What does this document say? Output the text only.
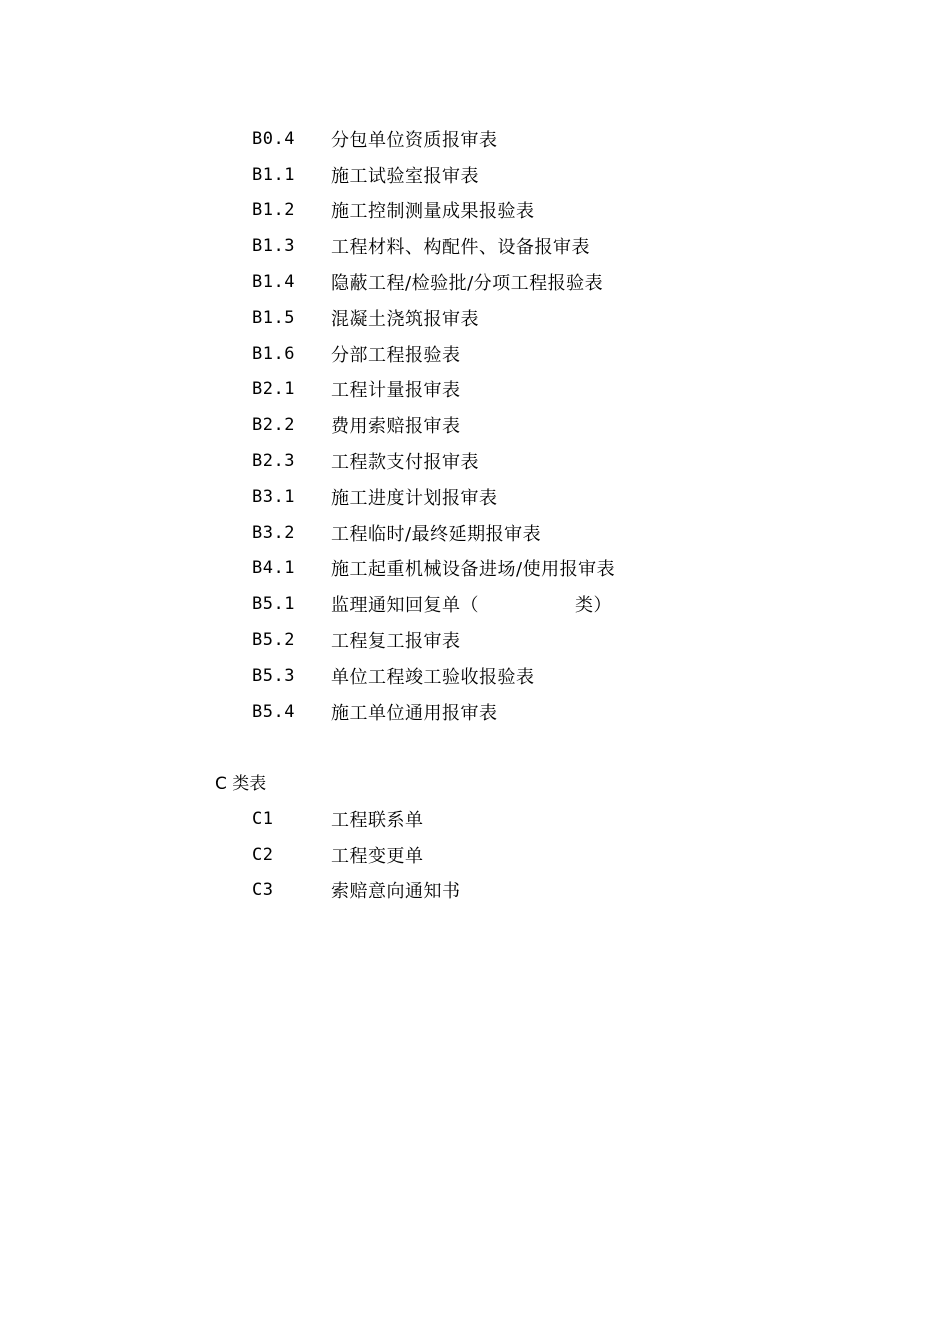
B0.4	分包单位资质报审表
B1.1	施工试验室报审表
B1.2	施工控制测量成果报验表
B1.3	工程材料、构配件、设备报审表
B1.4	隐蔽工程/检验批/分项工程报验表
B1.5	混凝土浇筑报审表
B1.6	分部工程报验表
B2.1	工程计量报审表
B2.2	费用索赔报审表
B2.3	工程款支付报审表
B3.1	施工进度计划报审表
B3.2	工程临时/最终延期报审表
B4.1	施工起重机械设备进场/使用报审表
B5.1	监理通知回复单（	类）
B5.2	工程复工报审表
B5.3	单位工程竣工验收报验表
B5.4	施工单位通用报审表
C 类表
C1	工程联系单
C2	工程变更单
C3	索赔意向通知书
